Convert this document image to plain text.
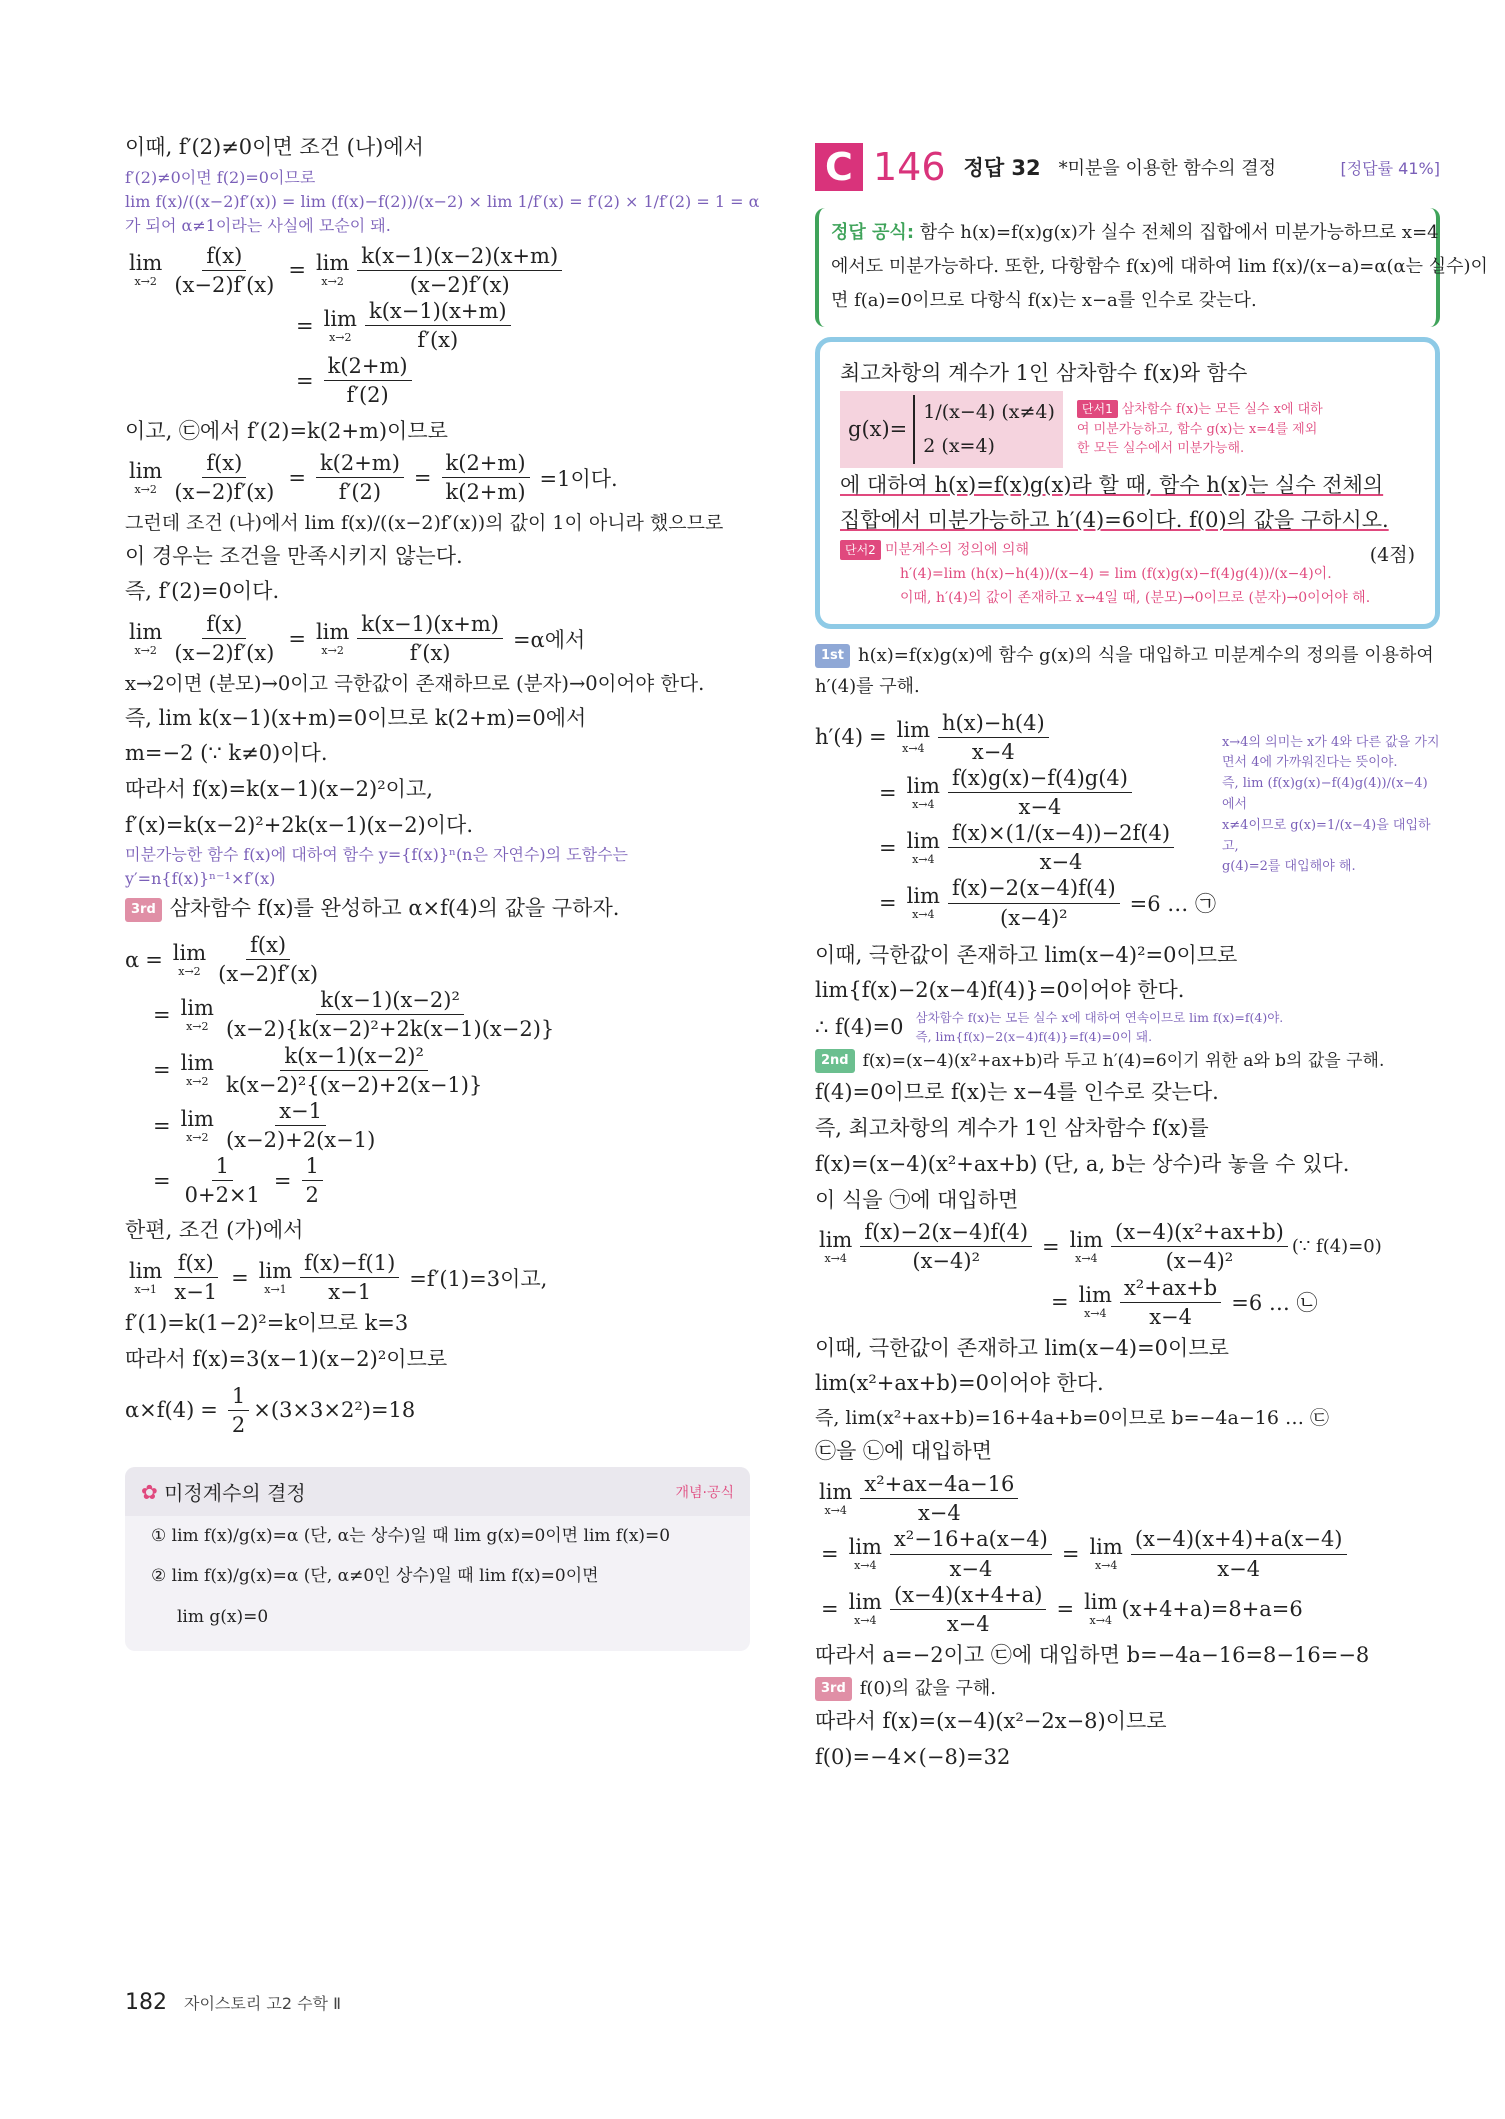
이때, f′(2)≠0이면 조건 (나)에서

f′(2)≠0이면 f(2)=0이므로

lim f(x)/((x−2)f′(x)) = lim (f(x)−f(2))/(x−2) × lim 1/f′(x) = f′(2) × 1/f′(2) = 1 = α

가 되어 α≠1이라는 사실에 모순이 돼.

lim
$x\to 2 \frac{f(x)}{(x-2)f'(x)} = \lim$
$x\to 2 \frac{k(x-1)(x-2)(x+m)}{(x-2)f'(x)}$
= lim
$x\to 2 \frac{k(x-1)(x+m)}{f'(x)}$
= $\frac{k(2+m)}{f'(2)}$

이고, ㉢에서 f′(2)=k(2+m)이므로

lim
$x\to 2 \frac{f(x)}{(x-2)f'(x)} = \frac{k(2+m)}{f'(2)} = \frac{k(2+m)}{k(2+m)} =1$이다.

그런데 조건 (나)에서 lim f(x)/((x−2)f′(x))의 값이 1이 아니라 했으므로

이 경우는 조건을 만족시키지 않는다.

즉, f′(2)=0이다.

lim
$x\to 2 \frac{f(x)}{(x-2)f'(x)} = \lim$
$x\to 2 \frac{k(x-1)(x+m)}{f'(x)} =\alpha$에서

x→2이면 (분모)→0이고 극한값이 존재하므로 (분자)→0이어야 한다.

즉, lim k(x−1)(x+m)=0이므로 k(2+m)=0에서

m=−2 (∵ k≠0)이다.

따라서 f(x)=k(x−1)(x−2)²이고,

f′(x)=k(x−2)²+2k(x−1)(x−2)이다.

미분가능한 함수 f(x)에 대하여 함수 y={f(x)}ⁿ(n은 자연수)의 도함수는

y′=n{f(x)}ⁿ⁻¹×f′(x)

3rd 삼차함수 f(x)를 완성하고 α×f(4)의 값을 구하자.

α = lim
$x\to 2 \frac{f(x)}{(x-2)f'(x)}$
= lim
$x\to 2 \frac{\text{k(x−1)(x−2)²}}{\text{(x−2)\{k(x−2)²+2k(x−1)(x−2)\}}}$
= lim
$x\to 2 \frac{\text{k(x−1)(x−2)²}}{\text{k(x−2)²\{(x−2)+2(x−1)\}}}$
= lim
$x\to 2 \frac{x-1}{(x-2)+2(x-1)}$
= $\frac{1}{0+2\times 1} = \frac{1}{2}$

한편, 조건 (가)에서

lim
$x\to 1 \frac{f(x)}{x-1} = \lim$
$x\to 1 \frac{f(x)-f(1)}{x-1} =f'(1)=3$이고,

f′(1)=k(1−2)²=k이므로 k=3

따라서 f(x)=3(x−1)(x−2)²이므로

$\alpha\times f(4) = \frac{1}{2} \times(3\times 3\times 2^2)=18$
✿ 미정계수의 결정	개념·공식
① lim f(x)/g(x)=α (단, α는 상수)일 때 lim g(x)=0이면 lim f(x)=0
② lim f(x)/g(x)=α (단, α≠0인 상수)일 때 lim f(x)=0이면
lim g(x)=0
C 146 정답 32 *미분을 이용한 함수의 결정	[정답률 41%]
정답 공식: 함수 h(x)=f(x)g(x)가 실수 전체의 집합에서 미분가능하므로 x=4
에서도 미분가능하다. 또한, 다항함수 f(x)에 대하여 lim f(x)/(x−a)=α(α는 실수)이
면 f(a)=0이므로 다항식 f(x)는 x−a를 인수로 갖는다.
최고차항의 계수가 1인 삼차함수 f(x)와 함수
g(x)=
1/(x−4) (x≠4)
2 (x=4)
단서1 삼차함수 f(x)는 모든 실수 x에 대하여 미분가능하고, 함수 g(x)는 x=4를 제외한 모든 실수에서 미분가능해.
에 대하여 h(x)=f(x)g(x)라 할 때, 함수 h(x)는 실수 전체의
집합에서 미분가능하고 h′(4)=6이다. f(0)의 값을 구하시오.
단서2 미분계수의 정의에 의해	(4점)
h′(4)=lim (h(x)−h(4))/(x−4) = lim (f(x)g(x)−f(4)g(4))/(x−4)이.
이때, h′(4)의 값이 존재하고 x→4일 때, (분모)→0이므로 (분자)→0이어야 해.

1st h(x)=f(x)g(x)에 함수 g(x)의 식을 대입하고 미분계수의 정의를 이용하여 h′(4)를 구해.

h′(4) = lim
$x\to 4 \frac{h(x)-h(4)}{x-4}$
= lim
$x\to 4 \frac{f(x)g(x)-f(4)g(4)}{x-4}$
= lim
$x\to 4 \frac{f(x)\times(1/(x-4))-2f(4)}{x-4}$
= lim
$x\to 4 \frac{f(x)-2(x-4)f(4)}{\text{(x−4)²}} =6$ … ㉠
x→4의 의미는 x가 4와 다른 값을 가지면서 4에 가까워진다는 뜻이야.
즉, lim (f(x)g(x)−f(4)g(4))/(x−4)에서
x≠4이므로 g(x)=1/(x−4)을 대입하고,
g(4)=2를 대입해야 해.

이때, 극한값이 존재하고 lim(x−4)²=0이므로

lim{f(x)−2(x−4)f(4)}=0이어야 한다.

∴ f(4)=0 삼차함수 f(x)는 모든 실수 x에 대하여 연속이므로 lim f(x)=f(4)야.
즉, lim{f(x)−2(x−4)f(4)}=f(4)=0이 돼.

2nd f(x)=(x−4)(x²+ax+b)라 두고 h′(4)=6이기 위한 a와 b의 값을 구해.

f(4)=0이므로 f(x)는 x−4를 인수로 갖는다.

즉, 최고차항의 계수가 1인 삼차함수 f(x)를

f(x)=(x−4)(x²+ax+b) (단, a, b는 상수)라 놓을 수 있다.

이 식을 ㉠에 대입하면

lim
$x\to 4 \frac{f(x)-2(x-4)f(4)}{\text{(x−4)²}} = \lim$
$x\to 4 \frac{\text{(x−4)(x²+ax+b)}}{\text{(x−4)²}}$ (∵ f(4)=0)
= lim
$x\to 4 \frac{\text{x²+ax+b}}{x-4} =6$ … ㉡

이때, 극한값이 존재하고 lim(x−4)=0이므로

lim(x²+ax+b)=0이어야 한다.

즉, lim(x²+ax+b)=16+4a+b=0이므로 b=−4a−16 … ㉢

㉢을 ㉡에 대입하면

lim
$x\to 4 \frac{\text{x²+ax−4a−16}}{x-4}$
= lim
$x\to 4 \frac{\text{x²−16+a(x−4)}}{x-4} = \lim$
$x\to 4 \frac{(x-4)(x+4)+a(x-4)}{x-4}$
= lim
$x\to 4 \frac{(x-4)(x+4+a)}{x-4} = \lim$
x→4 (x+4+a)=8+a=6

따라서 a=−2이고 ㉢에 대입하면 b=−4a−16=8−16=−8

3rd f(0)의 값을 구해.

따라서 f(x)=(x−4)(x²−2x−8)이므로

f(0)=−4×(−8)=32

182 자이스토리 고2 수학 Ⅱ
